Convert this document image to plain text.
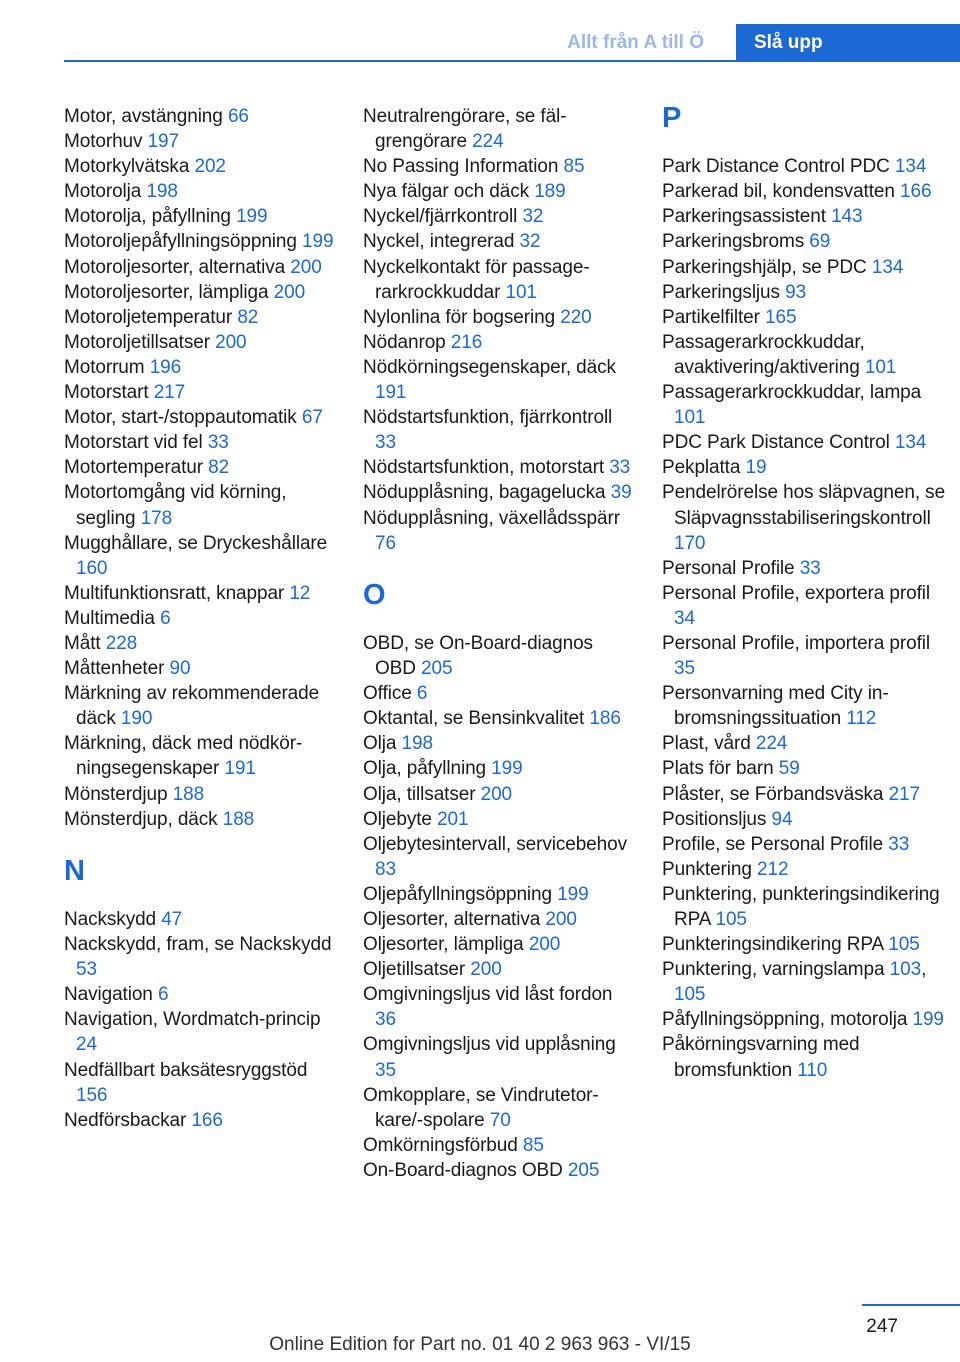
Allt från A till Ö	Slå upp
Motor, avstängning 66
Motorhuv 197
Motorkylvätska 202
Motorolja 198
Motorolja, påfyllning 199
Motoroljepåfyllningsöppning 199
Motoroljesorter, alternativa 200
Motoroljesorter, lämpliga 200
Motoroljetemperatur 82
Motoroljetillsatser 200
Motorrum 196
Motorstart 217
Motor, start-/stoppautomatik 67
Motorstart vid fel 33
Motortemperatur 82
Motortomgång vid körning, segling 178
Mugghållare, se Dryckeshållare 160
Multifunktionsratt, knappar 12
Multimedia 6
Mått 228
Måttenheter 90
Märkning av rekommenderade däck 190
Märkning, däck med nödkörningsegenskaper 191
Mönsterdjup 188
Mönsterdjup, däck 188
N
Nackskydd 47
Nackskydd, fram, se Nackskydd 53
Navigation 6
Navigation, Wordmatch-princip 24
Nedfällbart baksätesryggstöd 156
Nedförsbackar 166
Neutralrengörare, se fälgrengörare 224
No Passing Information 85
Nya fälgar och däck 189
Nyckel/fjärrkontroll 32
Nyckel, integrerad 32
Nyckelkontakt för passagerarkrockkuddar 101
Nylonlina för bogsering 220
Nödanrop 216
Nödkörningsegenskaper, däck 191
Nödstartsfunktion, fjärrkontroll 33
Nödstartsfunktion, motorstart 33
Nödupplåsning, bagagelucka 39
Nödupplåsning, växellådsspärr 76
O
OBD, se On-Board-diagnos OBD 205
Office 6
Oktantal, se Bensinkvalitet 186
Olja 198
Olja, påfyllning 199
Olja, tillsatser 200
Oljebyte 201
Oljebytesintervall, servicebehov 83
Oljepåfyllningsöppning 199
Oljesorter, alternativa 200
Oljesorter, lämpliga 200
Oljetillsatser 200
Omgivningsljus vid låst fordon 36
Omgivningsljus vid upplåsning 35
Omkopplare, se Vindrutetorkare/-spolare 70
Omkörningsförbud 85
On-Board-diagnos OBD 205
P
Park Distance Control PDC 134
Parkerad bil, kondensvatten 166
Parkeringsassistent 143
Parkeringsbroms 69
Parkeringshjälp, se PDC 134
Parkeringsljus 93
Partikelfilter 165
Passagerarkrockkuddar, avaktivering/aktivering 101
Passagerarkrockkuddar, lampa 101
PDC Park Distance Control 134
Pekplatta 19
Pendelrörelse hos släpvagnen, se Släpvagnsstabiliseringskontroll 170
Personal Profile 33
Personal Profile, exportera profil 34
Personal Profile, importera profil 35
Personvarning med City inbromsningssituation 112
Plast, vård 224
Plats för barn 59
Plåster, se Förbandsväska 217
Positionsljus 94
Profile, se Personal Profile 33
Punktering 212
Punktering, punkteringsindikering RPA 105
Punkteringsindikering RPA 105
Punktering, varningslampa 103, 105
Påfyllningsöppning, motorolja 199
Påkörningsvarning med bromsfunktion 110
247
Online Edition for Part no. 01 40 2 963 963 - VI/15
